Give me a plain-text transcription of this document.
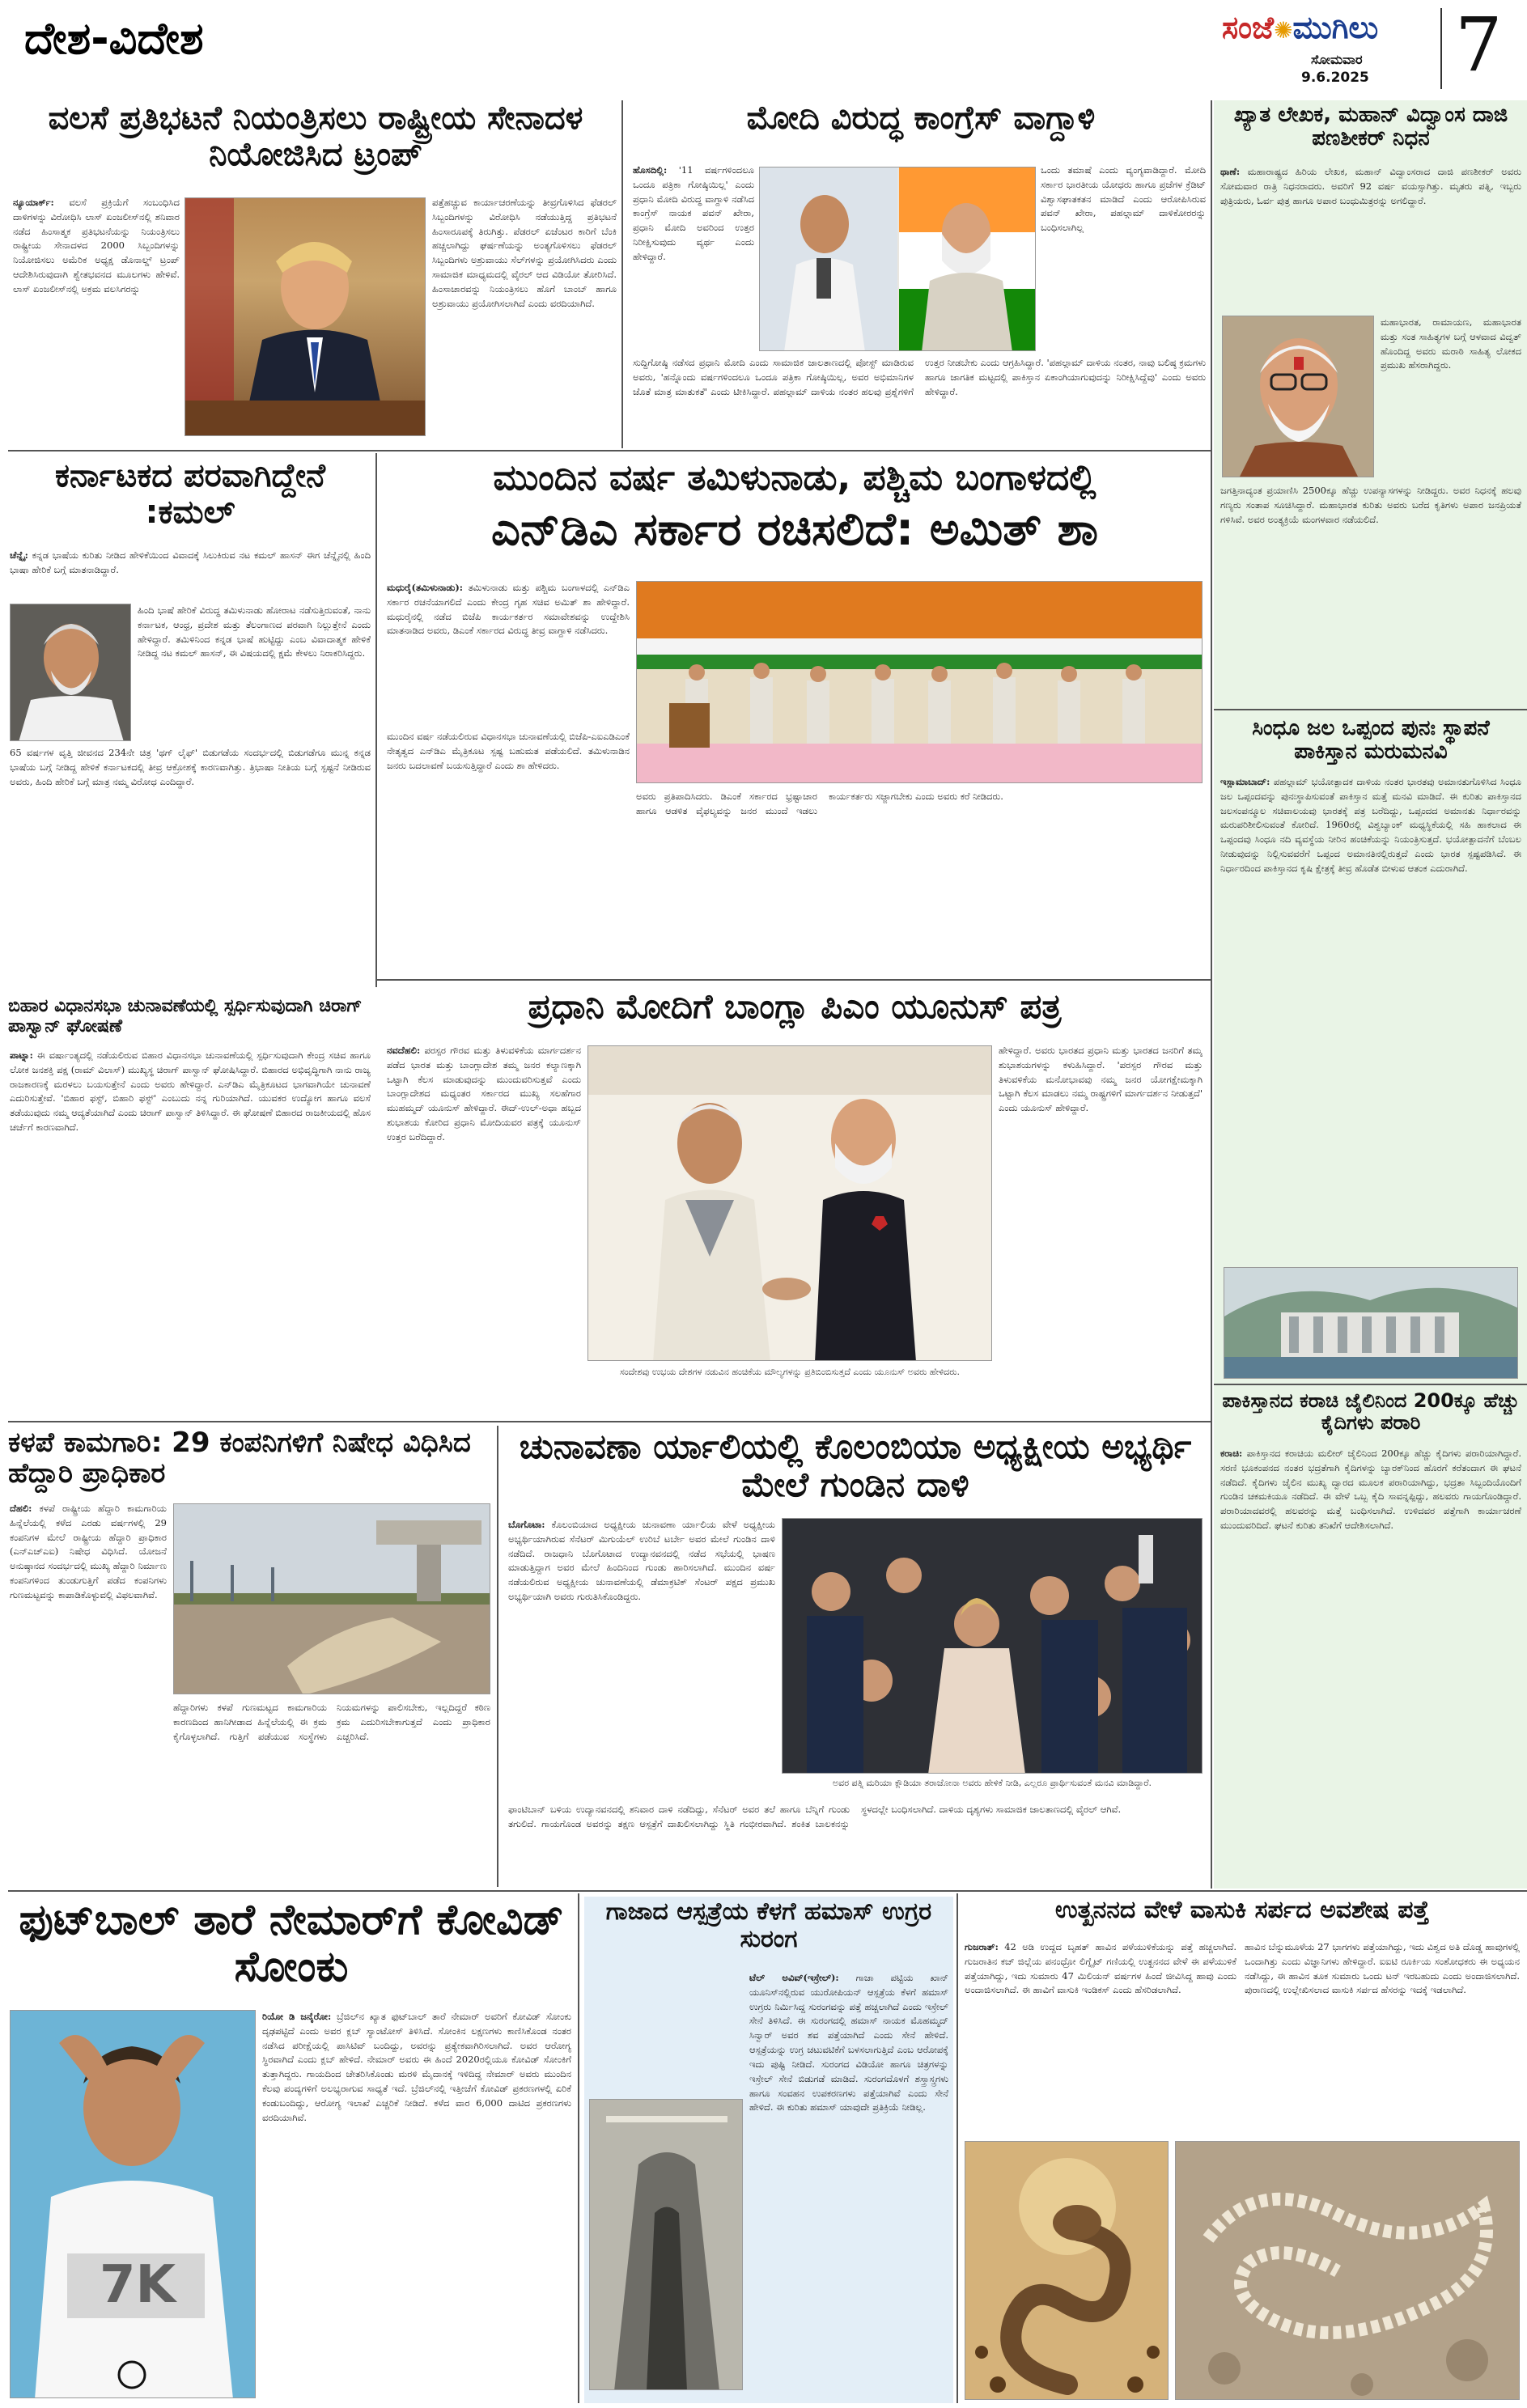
ದೇಶ-ವಿದೇಶ	ಸಂಜೆ✺ಮುಗಿಲು
ಸೋಮವಾರ
9.6.2025 7
ವಲಸೆ ಪ್ರತಿಭಟನೆ ನಿಯಂತ್ರಿಸಲು ರಾಷ್ಟ್ರೀಯ ಸೇನಾದಳ ನಿಯೋಜಿಸಿದ ಟ್ರಂಪ್
ನ್ಯೂಯಾರ್ಕ್: ವಲಸೆ ಪ್ರಕ್ರಿಯೆಗೆ ಸಂಬಂಧಿಸಿದ ದಾಳಿಗಳನ್ನು ವಿರೋಧಿಸಿ ಲಾಸ್ ಏಂಜಲೀಸ್‌ನಲ್ಲಿ ಶನಿವಾರ ನಡೆದ ಹಿಂಸಾತ್ಮಕ ಪ್ರತಿಭಟನೆಯನ್ನು ನಿಯಂತ್ರಿಸಲು ರಾಷ್ಟ್ರೀಯ ಸೇನಾದಳದ 2000 ಸಿಬ್ಬಂದಿಗಳನ್ನು ನಿಯೋಜಿಸಲು ಅಮೆರಿಕ ಅಧ್ಯಕ್ಷ ಡೊನಾಲ್ಡ್ ಟ್ರಂಪ್ ಆದೇಶಿಸಿರುವುದಾಗಿ ಶ್ವೇತಭವನದ ಮೂಲಗಳು ಹೇಳಿವೆ. ಲಾಸ್ ಏಂಜಲೀಸ್‌ನಲ್ಲಿ ಅಕ್ರಮ ವಲಸಿಗರನ್ನು
ಪತ್ತೆಹಚ್ಚುವ ಕಾರ್ಯಾಚರಣೆಯನ್ನು ತೀವ್ರಗೊಳಿಸಿದ ಫೆಡರಲ್ ಸಿಬ್ಬಂದಿಗಳನ್ನು ವಿರೋಧಿಸಿ ನಡೆಯುತ್ತಿದ್ದ ಪ್ರತಿಭಟನೆ ಹಿಂಸಾರೂಪಕ್ಕೆ ತಿರುಗಿತ್ತು. ಪೆಡರಲ್ ಏಜೆಂಟರ ಕಾರಿಗೆ ಬೆಂಕಿ ಹಚ್ಚಲಾಗಿದ್ದು ಘರ್ಷಣೆಯನ್ನು ಅಂತ್ಯಗೊಳಿಸಲು ಫೆಡರಲ್ ಸಿಬ್ಬಂದಿಗಳು ಅಶ್ರುವಾಯು ಸೆಲ್‌ಗಳನ್ನು ಪ್ರಯೋಗಿಸಿದರು ಎಂದು ಸಾಮಾಜಿಕ ಮಾಧ್ಯಮದಲ್ಲಿ ವೈರಲ್ ಆದ ವಿಡಿಯೋ ತೋರಿಸಿದೆ. ಹಿಂಸಾಚಾರವನ್ನು ನಿಯಂತ್ರಿಸಲು ಹೊಗೆ ಬಾಂಬ್ ಹಾಗೂ ಅಶ್ರುವಾಯು ಪ್ರಯೋಗಿಸಲಾಗಿದೆ ಎಂದು ವರದಿಯಾಗಿದೆ.
ಮೋದಿ ವಿರುದ್ಧ ಕಾಂಗ್ರೆಸ್ ವಾಗ್ದಾಳಿ
ಹೊಸದಿಲ್ಲಿ: '11 ವರ್ಷಗಳಿಂದಲೂ ಒಂದೂ ಪತ್ರಿಕಾ ಗೋಷ್ಠಿಯಿಲ್ಲ' ಎಂದು ಪ್ರಧಾನಿ ಮೋದಿ ವಿರುದ್ಧ ವಾಗ್ದಾಳಿ ನಡೆಸಿದ ಕಾಂಗ್ರೆಸ್ ನಾಯಕ ಪವನ್ ಖೇರಾ, ಪ್ರಧಾನಿ ಮೋದಿ ಅವರಿಂದ ಉತ್ತರ ನಿರೀಕ್ಷಿಸುವುದು ವ್ಯರ್ಥ ಎಂದು ಹೇಳಿದ್ದಾರೆ.
ಒಂದು ತಮಾಷೆ ಎಂದು ವ್ಯಂಗ್ಯವಾಡಿದ್ದಾರೆ. ಮೋದಿ ಸರ್ಕಾರ ಭಾರತೀಯ ಯೋಧರು ಹಾಗೂ ಪ್ರಜೆಗಳ ಕ್ರೆಡಿಟ್ ವಿಶ್ವಾಸಘಾತಕತನ ಮಾಡಿದೆ ಎಂದು ಆರೋಪಿಸಿರುವ ಪವನ್ ಖೇರಾ, ಪಹಲ್ಗಾಮ್ ದಾಳಿಕೋರರನ್ನು ಬಂಧಿಸಲಾಗಿಲ್ಲ
ಸುದ್ದಿಗೋಷ್ಠಿ ನಡೆಸದ ಪ್ರಧಾನಿ ಮೋದಿ ಎಂದು ಸಾಮಾಜಿಕ ಜಾಲತಾಣದಲ್ಲಿ ಪೋಸ್ಟ್ ಮಾಡಿರುವ ಅವರು, 'ಹನ್ನೊಂದು ವರ್ಷಗಳಿಂದಲೂ ಒಂದೂ ಪತ್ರಿಕಾ ಗೋಷ್ಠಿಯಿಲ್ಲ, ಅವರ ಅಭಿಮಾನಿಗಳ ಜೊತೆ ಮಾತ್ರ ಮಾತುಕತೆ' ಎಂದು ಟೀಕಿಸಿದ್ದಾರೆ. ಪಹಲ್ಗಾಮ್ ದಾಳಿಯ ನಂತರ ಹಲವು ಪ್ರಶ್ನೆಗಳಿಗೆ ಉತ್ತರ ನೀಡಬೇಕು ಎಂದು ಆಗ್ರಹಿಸಿದ್ದಾರೆ. 'ಪಹಲ್ಗಾಮ್ ದಾಳಿಯ ನಂತರ, ನಾವು ಬಲಿಷ್ಠ ಕ್ರಮಗಳು ಹಾಗೂ ಜಾಗತಿಕ ಮಟ್ಟದಲ್ಲಿ ಪಾಕಿಸ್ತಾನ ಏಕಾಂಗಿಯಾಗುವುದನ್ನು ನಿರೀಕ್ಷಿಸಿದ್ದೆವು' ಎಂದು ಅವರು ಹೇಳಿದ್ದಾರೆ.
ಖ್ಯಾತ ಲೇಖಕ, ಮಹಾನ್ ವಿದ್ವಾಂಸ ದಾಜಿ ಪಣಶೀಕರ್ ನಿಧನ
ಥಾಣೆ: ಮಹಾರಾಷ್ಟ್ರದ ಹಿರಿಯ ಲೇಖಕ, ಮಹಾನ್ ವಿದ್ವಾಂಸರಾದ ದಾಜಿ ಪಣಶೀಕರ್ ಅವರು ಸೋಮವಾರ ರಾತ್ರಿ ನಿಧನರಾದರು. ಅವರಿಗೆ 92 ವರ್ಷ ವಯಸ್ಸಾಗಿತ್ತು. ಮೃತರು ಪತ್ನಿ, ಇಬ್ಬರು ಪುತ್ರಿಯರು, ಓರ್ವ ಪುತ್ರ ಹಾಗೂ ಅಪಾರ ಬಂಧುಮಿತ್ರರನ್ನು ಅಗಲಿದ್ದಾರೆ.
ಮಹಾಭಾರತ, ರಾಮಾಯಣ, ಮಹಾಭಾರತ ಮತ್ತು ಸಂತ ಸಾಹಿತ್ಯಗಳ ಬಗ್ಗೆ ಆಳವಾದ ವಿದ್ವತ್ ಹೊಂದಿದ್ದ ಅವರು ಮರಾಠಿ ಸಾಹಿತ್ಯ ಲೋಕದ ಪ್ರಮುಖ ಹೆಸರಾಗಿದ್ದರು.
ಜಗತ್ತಿನಾದ್ಯಂತ ಪ್ರಯಾಣಿಸಿ 2500ಕ್ಕೂ ಹೆಚ್ಚು ಉಪನ್ಯಾಸಗಳನ್ನು ನೀಡಿದ್ದರು. ಅವರ ನಿಧನಕ್ಕೆ ಹಲವು ಗಣ್ಯರು ಸಂತಾಪ ಸೂಚಿಸಿದ್ದಾರೆ. ಮಹಾಭಾರತ ಕುರಿತು ಅವರು ಬರೆದ ಕೃತಿಗಳು ಅಪಾರ ಜನಪ್ರಿಯತೆ ಗಳಿಸಿವೆ. ಅವರ ಅಂತ್ಯಕ್ರಿಯೆ ಮಂಗಳವಾರ ನಡೆಯಲಿದೆ.
ಕರ್ನಾಟಕದ ಪರವಾಗಿದ್ದೇನೆ :ಕಮಲ್
ಚೆನ್ನೈ: ಕನ್ನಡ ಭಾಷೆಯ ಕುರಿತು ನೀಡಿದ ಹೇಳಿಕೆಯಿಂದ ವಿವಾದಕ್ಕೆ ಸಿಲುಕಿರುವ ನಟ ಕಮಲ್ ಹಾಸನ್ ಈಗ ಚೆನ್ನೈನಲ್ಲಿ ಹಿಂದಿ ಭಾಷಾ ಹೇರಿಕೆ ಬಗ್ಗೆ ಮಾತನಾಡಿದ್ದಾರೆ.
ಹಿಂದಿ ಭಾಷೆ ಹೇರಿಕೆ ವಿರುದ್ಧ ತಮಿಳುನಾಡು ಹೋರಾಟ ನಡೆಸುತ್ತಿರುವಂತೆ, ನಾನು ಕರ್ನಾಟಕ, ಆಂಧ್ರ, ಪ್ರದೇಶ ಮತ್ತು ತೆಲಂಗಾಣದ ಪರವಾಗಿ ನಿಲ್ಲುತ್ತೇನೆ ಎಂದು ಹೇಳಿದ್ದಾರೆ. ತಮಿಳಿನಿಂದ ಕನ್ನಡ ಭಾಷೆ ಹುಟ್ಟಿದ್ದು ಎಂಬ ವಿವಾದಾತ್ಮಕ ಹೇಳಿಕೆ ನೀಡಿದ್ದ ನಟ ಕಮಲ್ ಹಾಸನ್, ಈ ವಿಷಯದಲ್ಲಿ ಕ್ಷಮೆ ಕೇಳಲು ನಿರಾಕರಿಸಿದ್ದರು.
65 ವರ್ಷಗಳ ವೃತ್ತಿ ಜೀವನದ 234ನೇ ಚಿತ್ರ 'ಥಗ್ ಲೈಫ್' ಬಿಡುಗಡೆಯ ಸಂದರ್ಭದಲ್ಲಿ ಬಿಡುಗಡೆಗೂ ಮುನ್ನ ಕನ್ನಡ ಭಾಷೆಯ ಬಗ್ಗೆ ನೀಡಿದ್ದ ಹೇಳಿಕೆ ಕರ್ನಾಟಕದಲ್ಲಿ ತೀವ್ರ ಆಕ್ರೋಶಕ್ಕೆ ಕಾರಣವಾಗಿತ್ತು. ತ್ರಿಭಾಷಾ ನೀತಿಯ ಬಗ್ಗೆ ಸ್ಪಷ್ಟನೆ ನೀಡಿರುವ ಅವರು, ಹಿಂದಿ ಹೇರಿಕೆ ಬಗ್ಗೆ ಮಾತ್ರ ನಮ್ಮ ವಿರೋಧ ಎಂದಿದ್ದಾರೆ.
ಮುಂದಿನ ವರ್ಷ ತಮಿಳುನಾಡು, ಪಶ್ಚಿಮ ಬಂಗಾಳದಲ್ಲಿ
ಎನ್‌ಡಿಎ ಸರ್ಕಾರ ರಚಿಸಲಿದೆ: ಅಮಿತ್ ಶಾ
ಮಧುರೈ(ತಮಿಳುನಾಡು): ತಮಿಳುನಾಡು ಮತ್ತು ಪಶ್ಚಿಮ ಬಂಗಾಳದಲ್ಲಿ ಎನ್‌ಡಿಎ ಸರ್ಕಾರ ರಚನೆಯಾಗಲಿದೆ ಎಂದು ಕೇಂದ್ರ ಗೃಹ ಸಚಿವ ಅಮಿತ್ ಶಾ ಹೇಳಿದ್ದಾರೆ. ಮಧುರೈನಲ್ಲಿ ನಡೆದ ಬಿಜೆಪಿ ಕಾರ್ಯಕರ್ತರ ಸಮಾವೇಶವನ್ನು ಉದ್ದೇಶಿಸಿ ಮಾತನಾಡಿದ ಅವರು, ಡಿಎಂಕೆ ಸರ್ಕಾರದ ವಿರುದ್ಧ ತೀವ್ರ ವಾಗ್ದಾಳಿ ನಡೆಸಿದರು.
ಮುಂದಿನ ವರ್ಷ ನಡೆಯಲಿರುವ ವಿಧಾನಸಭಾ ಚುನಾವಣೆಯಲ್ಲಿ ಬಿಜೆಪಿ-ಎಐಎಡಿಎಂಕೆ ನೇತೃತ್ವದ ಎನ್‌ಡಿಎ ಮೈತ್ರಿಕೂಟ ಸ್ಪಷ್ಟ ಬಹುಮತ ಪಡೆಯಲಿದೆ. ತಮಿಳುನಾಡಿನ ಜನರು ಬದಲಾವಣೆ ಬಯಸುತ್ತಿದ್ದಾರೆ ಎಂದು ಶಾ ಹೇಳಿದರು.
ಅವರು ಪ್ರತಿಪಾದಿಸಿದರು. ಡಿಎಂಕೆ ಸರ್ಕಾರದ ಭ್ರಷ್ಟಾಚಾರ ಹಾಗೂ ಆಡಳಿತ ವೈಫಲ್ಯವನ್ನು ಜನರ ಮುಂದೆ ಇಡಲು ಕಾರ್ಯಕರ್ತರು ಸಜ್ಜಾಗಬೇಕು ಎಂದು ಅವರು ಕರೆ ನೀಡಿದರು.
ಸಿಂಧೂ ಜಲ ಒಪ್ಪಂದ ಪುನಃ ಸ್ಥಾಪನೆ ಪಾಕಿಸ್ತಾನ ಮರುಮನವಿ
ಇಸ್ಲಾಮಾಬಾದ್: ಪಹಲ್ಗಾಮ್ ಭಯೋತ್ಪಾದಕ ದಾಳಿಯ ನಂತರ ಭಾರತವು ಅಮಾನತುಗೊಳಿಸಿದ ಸಿಂಧೂ ಜಲ ಒಪ್ಪಂದವನ್ನು ಪುನಃಸ್ಥಾಪಿಸುವಂತೆ ಪಾಕಿಸ್ತಾನ ಮತ್ತೆ ಮನವಿ ಮಾಡಿದೆ. ಈ ಕುರಿತು ಪಾಕಿಸ್ತಾನದ ಜಲಸಂಪನ್ಮೂಲ ಸಚಿವಾಲಯವು ಭಾರತಕ್ಕೆ ಪತ್ರ ಬರೆದಿದ್ದು, ಒಪ್ಪಂದದ ಅಮಾನತು ನಿರ್ಧಾರವನ್ನು ಮರುಪರಿಶೀಲಿಸುವಂತೆ ಕೋರಿದೆ. 1960ರಲ್ಲಿ ವಿಶ್ವಬ್ಯಾಂಕ್ ಮಧ್ಯಸ್ಥಿಕೆಯಲ್ಲಿ ಸಹಿ ಹಾಕಲಾದ ಈ ಒಪ್ಪಂದವು ಸಿಂಧೂ ನದಿ ವ್ಯವಸ್ಥೆಯ ನೀರಿನ ಹಂಚಿಕೆಯನ್ನು ನಿಯಂತ್ರಿಸುತ್ತದೆ. ಭಯೋತ್ಪಾದನೆಗೆ ಬೆಂಬಲ ನೀಡುವುದನ್ನು ನಿಲ್ಲಿಸುವವರೆಗೆ ಒಪ್ಪಂದ ಅಮಾನತಿನಲ್ಲಿರುತ್ತದೆ ಎಂದು ಭಾರತ ಸ್ಪಷ್ಟಪಡಿಸಿದೆ. ಈ ನಿರ್ಧಾರದಿಂದ ಪಾಕಿಸ್ತಾನದ ಕೃಷಿ ಕ್ಷೇತ್ರಕ್ಕೆ ತೀವ್ರ ಹೊಡೆತ ಬೀಳುವ ಆತಂಕ ಎದುರಾಗಿದೆ.
ಬಿಹಾರ ವಿಧಾನಸಭಾ ಚುನಾವಣೆಯಲ್ಲಿ ಸ್ಪರ್ಧಿಸುವುದಾಗಿ ಚಿರಾಗ್ ಪಾಸ್ವಾನ್ ಘೋಷಣೆ
ಪಾಟ್ನಾ: ಈ ವರ್ಷಾಂತ್ಯದಲ್ಲಿ ನಡೆಯಲಿರುವ ಬಿಹಾರ ವಿಧಾನಸಭಾ ಚುನಾವಣೆಯಲ್ಲಿ ಸ್ಪರ್ಧಿಸುವುದಾಗಿ ಕೇಂದ್ರ ಸಚಿವ ಹಾಗೂ ಲೋಕ ಜನಶಕ್ತಿ ಪಕ್ಷ (ರಾಮ್ ವಿಲಾಸ್) ಮುಖ್ಯಸ್ಥ ಚಿರಾಗ್ ಪಾಸ್ವಾನ್ ಘೋಷಿಸಿದ್ದಾರೆ. ಬಿಹಾರದ ಅಭಿವೃದ್ಧಿಗಾಗಿ ನಾನು ರಾಜ್ಯ ರಾಜಕಾರಣಕ್ಕೆ ಮರಳಲು ಬಯಸುತ್ತೇನೆ ಎಂದು ಅವರು ಹೇಳಿದ್ದಾರೆ. ಎನ್‌ಡಿಎ ಮೈತ್ರಿಕೂಟದ ಭಾಗವಾಗಿಯೇ ಚುನಾವಣೆ ಎದುರಿಸುತ್ತೇವೆ. 'ಬಿಹಾರ ಫಸ್ಟ್, ಬಿಹಾರಿ ಫಸ್ಟ್' ಎಂಬುದು ನನ್ನ ಗುರಿಯಾಗಿದೆ. ಯುವಕರ ಉದ್ಯೋಗ ಹಾಗೂ ವಲಸೆ ತಡೆಯುವುದು ನಮ್ಮ ಆದ್ಯತೆಯಾಗಿದೆ ಎಂದು ಚಿರಾಗ್ ಪಾಸ್ವಾನ್ ತಿಳಿಸಿದ್ದಾರೆ. ಈ ಘೋಷಣೆ ಬಿಹಾರದ ರಾಜಕೀಯದಲ್ಲಿ ಹೊಸ ಚರ್ಚೆಗೆ ಕಾರಣವಾಗಿದೆ.
ಪ್ರಧಾನಿ ಮೋದಿಗೆ ಬಾಂಗ್ಲಾ ಪಿಎಂ ಯೂನುಸ್ ಪತ್ರ
ನವದೆಹಲಿ: ಪರಸ್ಪರ ಗೌರವ ಮತ್ತು ತಿಳುವಳಿಕೆಯ ಮಾರ್ಗದರ್ಶನ ಪಡೆದ ಭಾರತ ಮತ್ತು ಬಾಂಗ್ಲಾದೇಶ ತಮ್ಮ ಜನರ ಕಲ್ಯಾಣಕ್ಕಾಗಿ ಒಟ್ಟಾಗಿ ಕೆಲಸ ಮಾಡುವುದನ್ನು ಮುಂದುವರಿಸುತ್ತವೆ ಎಂದು ಬಾಂಗ್ಲಾದೇಶದ ಮಧ್ಯಂತರ ಸರ್ಕಾರದ ಮುಖ್ಯ ಸಲಹೆಗಾರ ಮುಹಮ್ಮದ್ ಯೂನುಸ್ ಹೇಳಿದ್ದಾರೆ. ಈದ್-ಉಲ್-ಅಧಾ ಹಬ್ಬದ ಶುಭಾಶಯ ಕೋರಿದ ಪ್ರಧಾನಿ ಮೋದಿಯವರ ಪತ್ರಕ್ಕೆ ಯೂನುಸ್ ಉತ್ತರ ಬರೆದಿದ್ದಾರೆ.
ಹೇಳಿದ್ದಾರೆ. ಅವರು ಭಾರತದ ಪ್ರಧಾನಿ ಮತ್ತು ಭಾರತದ ಜನರಿಗೆ ತಮ್ಮ ಶುಭಾಶಯಗಳನ್ನು ಕಳುಹಿಸಿದ್ದಾರೆ. 'ಪರಸ್ಪರ ಗೌರವ ಮತ್ತು ತಿಳುವಳಿಕೆಯ ಮನೋಭಾವವು ನಮ್ಮ ಜನರ ಯೋಗಕ್ಷೇಮಕ್ಕಾಗಿ ಒಟ್ಟಾಗಿ ಕೆಲಸ ಮಾಡಲು ನಮ್ಮ ರಾಷ್ಟ್ರಗಳಿಗೆ ಮಾರ್ಗದರ್ಶನ ನೀಡುತ್ತದೆ' ಎಂದು ಯೂನುಸ್ ಹೇಳಿದ್ದಾರೆ.
ಸಂದೇಶವು ಉಭಯ ದೇಶಗಳ ನಡುವಿನ ಹಂಚಿಕೆಯ ಮೌಲ್ಯಗಳನ್ನು ಪ್ರತಿಬಿಂಬಿಸುತ್ತದೆ ಎಂದು ಯೂನುಸ್ ಅವರು ಹೇಳಿದರು.
ಪಾಕಿಸ್ತಾನದ ಕರಾಚಿ ಜೈಲಿನಿಂದ 200ಕ್ಕೂ ಹೆಚ್ಚು ಕೈದಿಗಳು ಪರಾರಿ
ಕರಾಚಿ: ಪಾಕಿಸ್ತಾನದ ಕರಾಚಿಯ ಮಲೀರ್ ಜೈಲಿನಿಂದ 200ಕ್ಕೂ ಹೆಚ್ಚು ಕೈದಿಗಳು ಪರಾರಿಯಾಗಿದ್ದಾರೆ. ಸರಣಿ ಭೂಕಂಪನದ ನಂತರ ಭದ್ರತೆಗಾಗಿ ಕೈದಿಗಳನ್ನು ಬ್ಯಾರಕ್‌ನಿಂದ ಹೊರಗೆ ಕರೆತಂದಾಗ ಈ ಘಟನೆ ನಡೆದಿದೆ. ಕೈದಿಗಳು ಜೈಲಿನ ಮುಖ್ಯ ದ್ವಾರದ ಮೂಲಕ ಪರಾರಿಯಾಗಿದ್ದು, ಭದ್ರತಾ ಸಿಬ್ಬಂದಿಯೊಂದಿಗೆ ಗುಂಡಿನ ಚಕಮಕಿಯೂ ನಡೆದಿದೆ. ಈ ವೇಳೆ ಒಬ್ಬ ಕೈದಿ ಸಾವನ್ನಪ್ಪಿದ್ದು, ಹಲವರು ಗಾಯಗೊಂಡಿದ್ದಾರೆ. ಪರಾರಿಯಾದವರಲ್ಲಿ ಹಲವರನ್ನು ಮತ್ತೆ ಬಂಧಿಸಲಾಗಿದೆ. ಉಳಿದವರ ಪತ್ತೆಗಾಗಿ ಕಾರ್ಯಾಚರಣೆ ಮುಂದುವರಿದಿದೆ. ಘಟನೆ ಕುರಿತು ತನಿಖೆಗೆ ಆದೇಶಿಸಲಾಗಿದೆ.
ಕಳಪೆ ಕಾಮಗಾರಿ: 29 ಕಂಪನಿಗಳಿಗೆ ನಿಷೇಧ ವಿಧಿಸಿದ ಹೆದ್ದಾರಿ ಪ್ರಾಧಿಕಾರ
ದೆಹಲಿ: ಕಳಪೆ ರಾಷ್ಟ್ರೀಯ ಹೆದ್ದಾರಿ ಕಾಮಗಾರಿಯ ಹಿನ್ನೆಲೆಯಲ್ಲಿ ಕಳೆದ ಎರಡು ವರ್ಷಗಳಲ್ಲಿ 29 ಕಂಪನಿಗಳ ಮೇಲೆ ರಾಷ್ಟ್ರೀಯ ಹೆದ್ದಾರಿ ಪ್ರಾಧಿಕಾರ (ಎನ್‌ಎಚ್‌ಎಐ) ನಿಷೇಧ ವಿಧಿಸಿದೆ. ಯೋಜನೆ ಅನುಷ್ಠಾನದ ಸಂದರ್ಭದಲ್ಲಿ ಮುಖ್ಯ ಹೆದ್ದಾರಿ ನಿರ್ಮಾಣ ಕಂಪನಿಗಳಿಂದ ತುಂಡುಗುತ್ತಿಗೆ ಪಡೆದ ಕಂಪನಿಗಳು ಗುಣಮಟ್ಟವನ್ನು ಕಾಪಾಡಿಕೊಳ್ಳುವಲ್ಲಿ ವಿಫಲವಾಗಿವೆ.
ಹೆದ್ದಾರಿಗಳು ಕಳಪೆ ಗುಣಮಟ್ಟದ ಕಾಮಗಾರಿಯ ಕಾರಣದಿಂದ ಹಾನಿಗೀಡಾದ ಹಿನ್ನೆಲೆಯಲ್ಲಿ ಈ ಕ್ರಮ ಕೈಗೊಳ್ಳಲಾಗಿದೆ. ಗುತ್ತಿಗೆ ಪಡೆಯುವ ಸಂಸ್ಥೆಗಳು ನಿಯಮಗಳನ್ನು ಪಾಲಿಸಬೇಕು, ಇಲ್ಲದಿದ್ದರೆ ಕಠಿಣ ಕ್ರಮ ಎದುರಿಸಬೇಕಾಗುತ್ತದೆ ಎಂದು ಪ್ರಾಧಿಕಾರ ಎಚ್ಚರಿಸಿದೆ.
ಚುನಾವಣಾ ರ್ಯಾಲಿಯಲ್ಲಿ ಕೊಲಂಬಿಯಾ ಅಧ್ಯಕ್ಷೀಯ ಅಭ್ಯರ್ಥಿ ಮೇಲೆ ಗುಂಡಿನ ದಾಳಿ
ಬೊಗೊಟಾ: ಕೊಲಂಬಿಯಾದ ಅಧ್ಯಕ್ಷೀಯ ಚುನಾವಣಾ ರ್ಯಾಲಿಯ ವೇಳೆ ಅಧ್ಯಕ್ಷೀಯ ಅಭ್ಯರ್ಥಿಯಾಗಿರುವ ಸೆನೆಟರ್ ಮಿಗುಯೆಲ್ ಉರಿಬೆ ಟರ್ಬೇ ಅವರ ಮೇಲೆ ಗುಂಡಿನ ದಾಳಿ ನಡೆದಿದೆ. ರಾಜಧಾನಿ ಬೊಗೊಟಾದ ಉದ್ಯಾನವನದಲ್ಲಿ ನಡೆದ ಸಭೆಯಲ್ಲಿ ಭಾಷಣ ಮಾಡುತ್ತಿದ್ದಾಗ ಅವರ ಮೇಲೆ ಹಿಂದಿನಿಂದ ಗುಂಡು ಹಾರಿಸಲಾಗಿದೆ. ಮುಂದಿನ ವರ್ಷ ನಡೆಯಲಿರುವ ಅಧ್ಯಕ್ಷೀಯ ಚುನಾವಣೆಯಲ್ಲಿ ಡೆಮಾಕ್ರಟಿಕ್ ಸೆಂಟರ್ ಪಕ್ಷದ ಪ್ರಮುಖ ಅಭ್ಯರ್ಥಿಯಾಗಿ ಅವರು ಗುರುತಿಸಿಕೊಂಡಿದ್ದರು.
ಅವರ ಪತ್ನಿ ಮರಿಯಾ ಕ್ಲೌಡಿಯಾ ತರಾಜೋನಾ ಅವರು ಹೇಳಿಕೆ ನೀಡಿ, ಎಲ್ಲರೂ ಪ್ರಾರ್ಥಿಸುವಂತೆ ಮನವಿ ಮಾಡಿದ್ದಾರೆ.
ಫಾಂಟಿಬಾನ್ ಬಳಿಯ ಉದ್ಯಾನವನದಲ್ಲಿ ಶನಿವಾರ ದಾಳಿ ನಡೆದಿದ್ದು, ಸೆನೆಟರ್ ಅವರ ತಲೆ ಹಾಗೂ ಬೆನ್ನಿಗೆ ಗುಂಡು ತಗುಲಿದೆ. ಗಾಯಗೊಂಡ ಅವರನ್ನು ತಕ್ಷಣ ಆಸ್ಪತ್ರೆಗೆ ದಾಖಲಿಸಲಾಗಿದ್ದು ಸ್ಥಿತಿ ಗಂಭೀರವಾಗಿದೆ. ಶಂಕಿತ ಬಾಲಕನನ್ನು ಸ್ಥಳದಲ್ಲೇ ಬಂಧಿಸಲಾಗಿದೆ. ದಾಳಿಯ ದೃಶ್ಯಗಳು ಸಾಮಾಜಿಕ ಜಾಲತಾಣದಲ್ಲಿ ವೈರಲ್ ಆಗಿವೆ.
ಫುಟ್‌ಬಾಲ್ ತಾರೆ ನೇಮಾರ್‌ಗೆ ಕೋವಿಡ್ ಸೋಂಕು
7K
ರಿಯೋ ಡಿ ಜನೈರೋ: ಬ್ರೆಜಿಲ್‌ನ ಖ್ಯಾತ ಫುಟ್‌ಬಾಲ್ ತಾರೆ ನೇಮಾರ್ ಅವರಿಗೆ ಕೋವಿಡ್ ಸೋಂಕು ದೃಢಪಟ್ಟಿದೆ ಎಂದು ಅವರ ಕ್ಲಬ್ ಸ್ಯಾಂಟೋಸ್ ತಿಳಿಸಿದೆ. ಸೋಂಕಿನ ಲಕ್ಷಣಗಳು ಕಾಣಿಸಿಕೊಂಡ ನಂತರ ನಡೆಸಿದ ಪರೀಕ್ಷೆಯಲ್ಲಿ ಪಾಸಿಟಿವ್ ಬಂದಿದ್ದು, ಅವರನ್ನು ಪ್ರತ್ಯೇಕವಾಗಿರಿಸಲಾಗಿದೆ. ಅವರ ಆರೋಗ್ಯ ಸ್ಥಿರವಾಗಿದೆ ಎಂದು ಕ್ಲಬ್ ಹೇಳಿದೆ. ನೇಮಾರ್ ಅವರು ಈ ಹಿಂದೆ 2020ರಲ್ಲಿಯೂ ಕೋವಿಡ್ ಸೋಂಕಿಗೆ ತುತ್ತಾಗಿದ್ದರು. ಗಾಯದಿಂದ ಚೇತರಿಸಿಕೊಂಡು ಮರಳಿ ಮೈದಾನಕ್ಕೆ ಇಳಿದಿದ್ದ ನೇಮಾರ್ ಅವರು ಮುಂದಿನ ಕೆಲವು ಪಂದ್ಯಗಳಿಗೆ ಅಲಭ್ಯರಾಗುವ ಸಾಧ್ಯತೆ ಇದೆ. ಬ್ರೆಜಿಲ್‌ನಲ್ಲಿ ಇತ್ತೀಚೆಗೆ ಕೋವಿಡ್ ಪ್ರಕರಣಗಳಲ್ಲಿ ಏರಿಕೆ ಕಂಡುಬಂದಿದ್ದು, ಆರೋಗ್ಯ ಇಲಾಖೆ ಎಚ್ಚರಿಕೆ ನೀಡಿದೆ. ಕಳೆದ ವಾರ 6,000 ದಾಟಿದ ಪ್ರಕರಣಗಳು ವರದಿಯಾಗಿವೆ.
ಗಾಜಾದ ಆಸ್ಪತ್ರೆಯ ಕೆಳಗೆ ಹಮಾಸ್ ಉಗ್ರರ ಸುರಂಗ
ಟೆಲ್ ಅವಿವ್(ಇಸ್ರೇಲ್): ಗಾಜಾ ಪಟ್ಟಿಯ ಖಾನ್ ಯೂನಿಸ್‌ನಲ್ಲಿರುವ ಯುರೋಪಿಯನ್ ಆಸ್ಪತ್ರೆಯ ಕೆಳಗೆ ಹಮಾಸ್ ಉಗ್ರರು ನಿರ್ಮಿಸಿದ್ದ ಸುರಂಗವನ್ನು ಪತ್ತೆ ಹಚ್ಚಲಾಗಿದೆ ಎಂದು ಇಸ್ರೇಲ್ ಸೇನೆ ತಿಳಿಸಿದೆ. ಈ ಸುರಂಗದಲ್ಲಿ ಹಮಾಸ್ ನಾಯಕ ಮೊಹಮ್ಮದ್ ಸಿನ್ವಾರ್ ಅವರ ಶವ ಪತ್ತೆಯಾಗಿದೆ ಎಂದು ಸೇನೆ ಹೇಳಿದೆ. ಆಸ್ಪತ್ರೆಯನ್ನು ಉಗ್ರ ಚಟುವಟಿಕೆಗೆ ಬಳಸಲಾಗುತ್ತಿದೆ ಎಂಬ ಆರೋಪಕ್ಕೆ ಇದು ಪುಷ್ಟಿ ನೀಡಿದೆ. ಸುರಂಗದ ವಿಡಿಯೋ ಹಾಗೂ ಚಿತ್ರಗಳನ್ನು ಇಸ್ರೇಲ್ ಸೇನೆ ಬಿಡುಗಡೆ ಮಾಡಿದೆ. ಸುರಂಗದೊಳಗೆ ಶಸ್ತ್ರಾಸ್ತ್ರಗಳು ಹಾಗೂ ಸಂವಹನ ಉಪಕರಣಗಳು ಪತ್ತೆಯಾಗಿವೆ ಎಂದು ಸೇನೆ ಹೇಳಿದೆ. ಈ ಕುರಿತು ಹಮಾಸ್ ಯಾವುದೇ ಪ್ರತಿಕ್ರಿಯೆ ನೀಡಿಲ್ಲ.
ಉತ್ಖನನದ ವೇಳೆ ವಾಸುಕಿ ಸರ್ಪದ ಅವಶೇಷ ಪತ್ತೆ
ಗುಜರಾತ್: 42 ಅಡಿ ಉದ್ದದ ಬೃಹತ್ ಹಾವಿನ ಪಳೆಯುಳಿಕೆಯನ್ನು ಪತ್ತೆ ಹಚ್ಚಲಾಗಿದೆ. ಗುಜರಾತಿನ ಕಚ್ ಜಿಲ್ಲೆಯ ಪನಂಧ್ರೋ ಲಿಗ್ನೈಟ್ ಗಣಿಯಲ್ಲಿ ಉತ್ಖನನದ ವೇಳೆ ಈ ಪಳೆಯುಳಿಕೆ ಪತ್ತೆಯಾಗಿದ್ದು, ಇದು ಸುಮಾರು 47 ಮಿಲಿಯನ್ ವರ್ಷಗಳ ಹಿಂದೆ ಜೀವಿಸಿದ್ದ ಹಾವು ಎಂದು ಅಂದಾಜಿಸಲಾಗಿದೆ. ಈ ಹಾವಿಗೆ ವಾಸುಕಿ ಇಂಡಿಕಸ್ ಎಂದು ಹೆಸರಿಡಲಾಗಿದೆ.
ಹಾವಿನ ಬೆನ್ನುಮೂಳೆಯ 27 ಭಾಗಗಳು ಪತ್ತೆಯಾಗಿದ್ದು, ಇದು ವಿಶ್ವದ ಅತಿ ದೊಡ್ಡ ಹಾವುಗಳಲ್ಲಿ ಒಂದಾಗಿತ್ತು ಎಂದು ವಿಜ್ಞಾನಿಗಳು ಹೇಳಿದ್ದಾರೆ. ಐಐಟಿ ರೂರ್ಕಿಯ ಸಂಶೋಧಕರು ಈ ಅಧ್ಯಯನ ನಡೆಸಿದ್ದು, ಈ ಹಾವಿನ ತೂಕ ಸುಮಾರು ಒಂದು ಟನ್ ಇರಬಹುದು ಎಂದು ಅಂದಾಜಿಸಲಾಗಿದೆ. ಪುರಾಣದಲ್ಲಿ ಉಲ್ಲೇಖಿಸಲಾದ ವಾಸುಕಿ ಸರ್ಪದ ಹೆಸರನ್ನು ಇದಕ್ಕೆ ಇಡಲಾಗಿದೆ.
